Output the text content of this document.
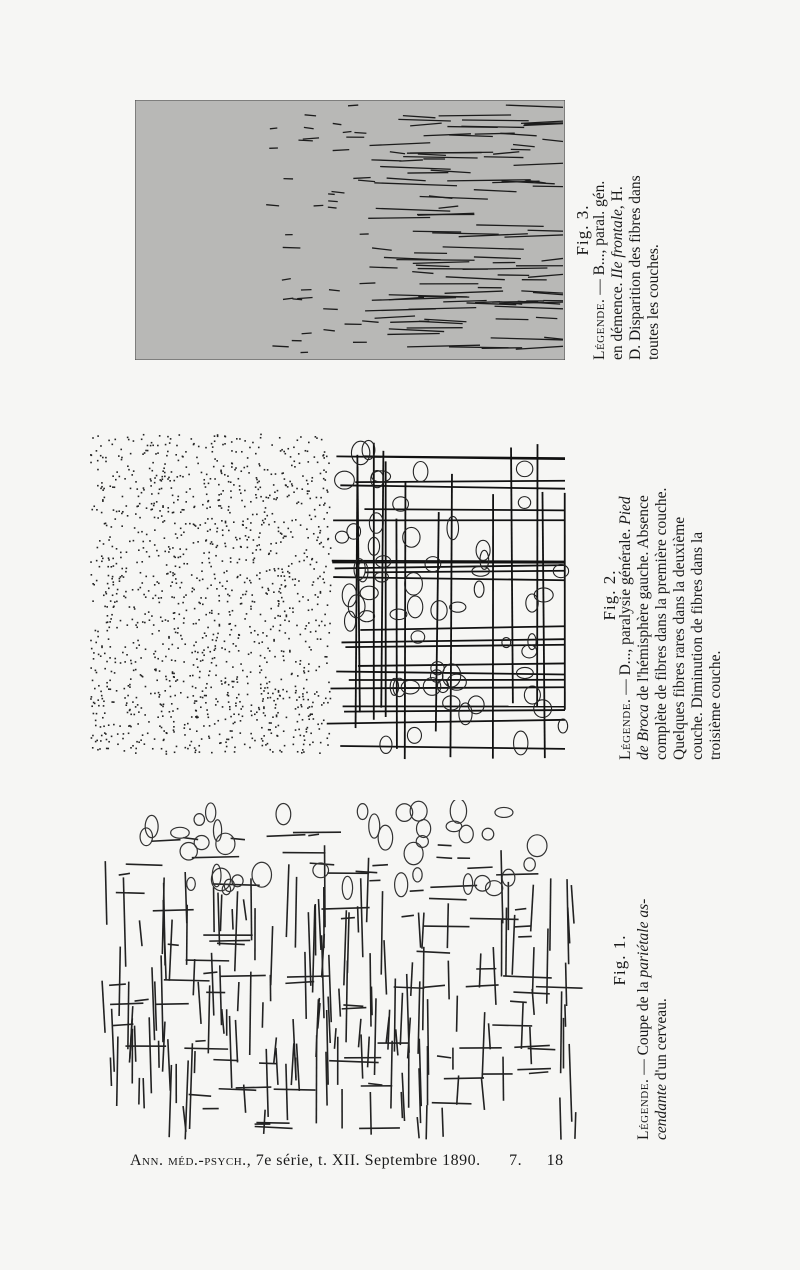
Fig. 1.
Légende. — Coupe de la pariétale as-
cendante d'un cerveau.
Fig. 2.
Légende. — D..., paralysie générale. Pied
de Broca de l'hémisphère gauche. Absence
complète de fibres dans la première couche.
Quelques fibres rares dans la deuxième
couche. Diminution de fibres dans la
troisième couche.
Fig. 3.
Légende. — B..., paral. gén.
en démence. IIe frontale, H.
D. Disparition des fibres dans
toutes les couches.
Ann. méd.-psych., 7e série, t. XII. Septembre 1890. 7. 18
